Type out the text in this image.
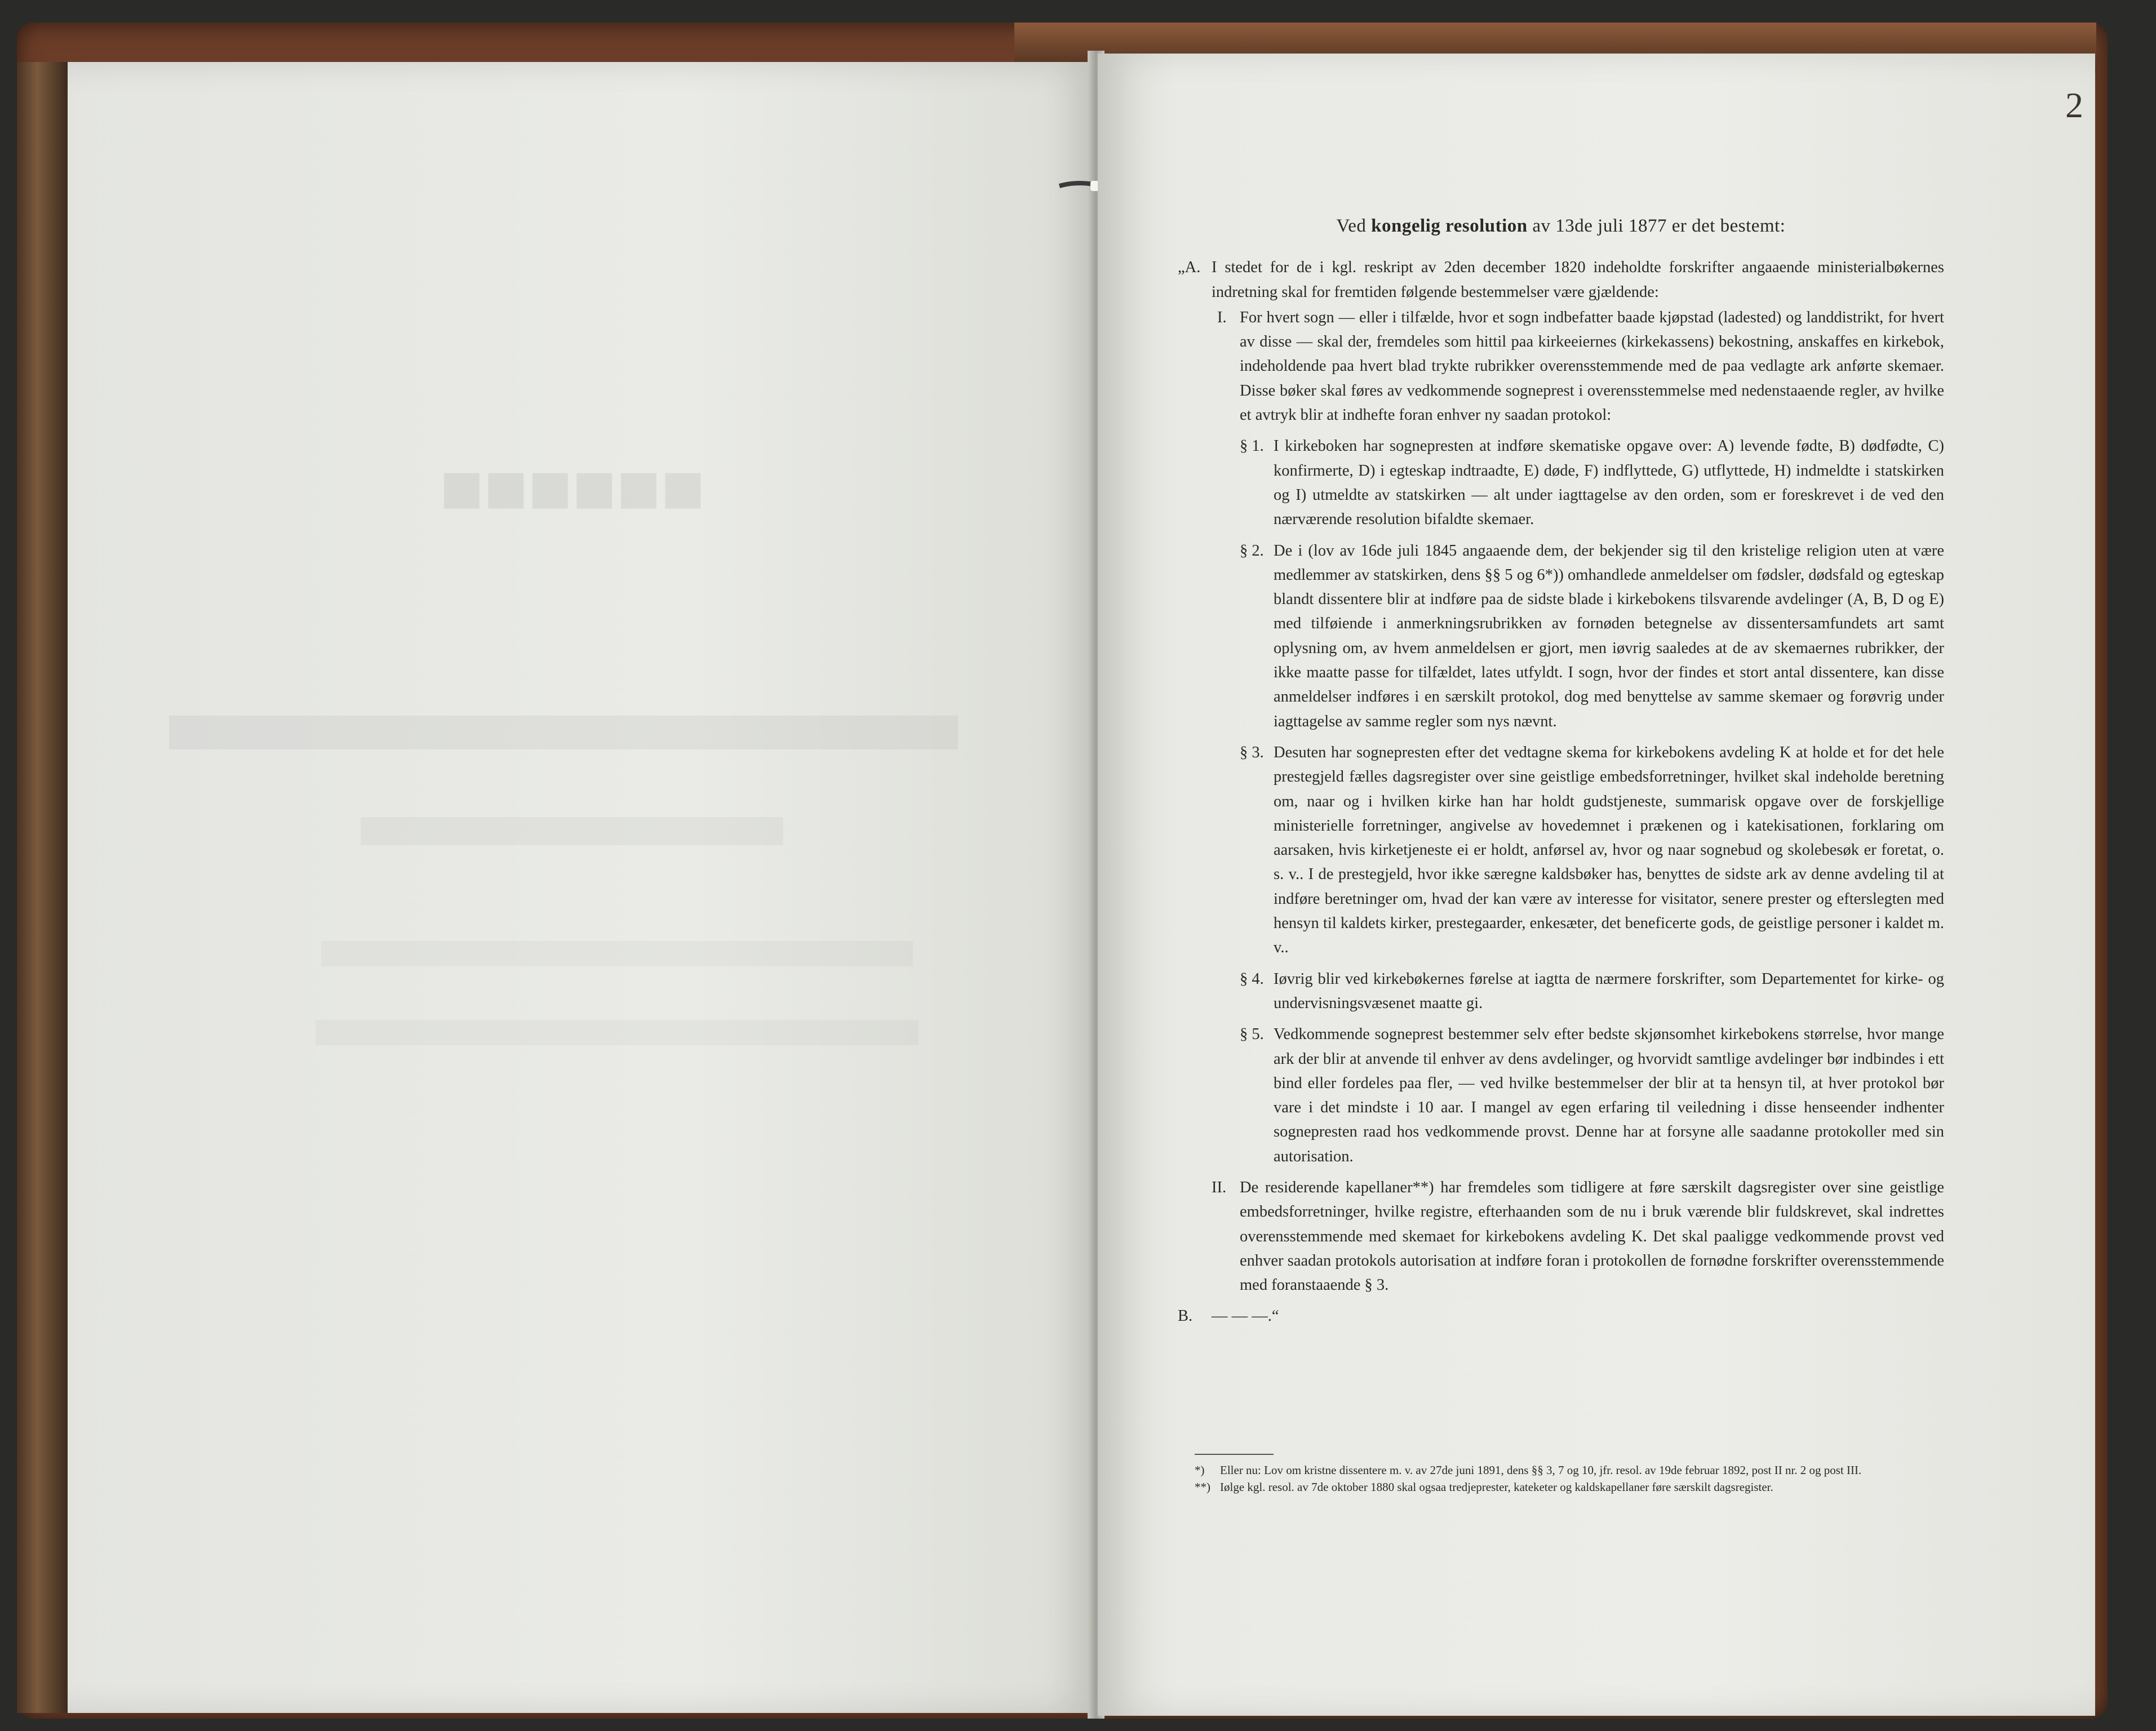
■■■■■■
2
Ved kongelig resolution av 13de juli 1877 er det bestemt:
„A. I stedet for de i kgl. reskript av 2den december 1820 indeholdte forskrifter angaaende ministerialbøkernes indretning skal for fremtiden følgende bestemmelser være gjældende:
I. For hvert sogn — eller i tilfælde, hvor et sogn indbefatter baade kjøpstad (ladested) og landdistrikt, for hvert av disse — skal der, fremdeles som hittil paa kirkeeiernes (kirkekassens) bekostning, anskaffes en kirkebok, indeholdende paa hvert blad trykte rubrikker overensstemmende med de paa vedlagte ark anførte skemaer. Disse bøker skal føres av vedkommende sogneprest i overensstemmelse med nedenstaaende regler, av hvilke et avtryk blir at indhefte foran enhver ny saadan protokol:
§ 1. I kirkeboken har sognepresten at indføre skematiske opgave over: A) levende fødte, B) dødfødte, C) konfirmerte, D) i egteskap indtraadte, E) døde, F) indflyttede, G) utflyttede, H) indmeldte i statskirken og I) utmeldte av statskirken — alt under iagttagelse av den orden, som er foreskrevet i de ved den nærværende resolution bifaldte skemaer.
§ 2. De i (lov av 16de juli 1845 angaaende dem, der bekjender sig til den kristelige religion uten at være medlemmer av statskirken, dens §§ 5 og 6*)) omhandlede anmeldelser om fødsler, dødsfald og egteskap blandt dissentere blir at indføre paa de sidste blade i kirkebokens tilsvarende avdelinger (A, B, D og E) med tilføiende i anmerkningsrubrikken av fornøden betegnelse av dissentersamfundets art samt oplysning om, av hvem anmeldelsen er gjort, men iøvrig saaledes at de av skemaernes rubrikker, der ikke maatte passe for tilfældet, lates utfyldt. I sogn, hvor der findes et stort antal dissentere, kan disse anmeldelser indføres i en særskilt protokol, dog med benyttelse av samme skemaer og forøvrig under iagttagelse av samme regler som nys nævnt.
§ 3. Desuten har sognepresten efter det vedtagne skema for kirkebokens avdeling K at holde et for det hele prestegjeld fælles dagsregister over sine geistlige embedsforretninger, hvilket skal indeholde beretning om, naar og i hvilken kirke han har holdt gudstjeneste, summarisk opgave over de forskjellige ministerielle forretninger, angivelse av hovedemnet i prækenen og i katekisationen, forklaring om aarsaken, hvis kirketjeneste ei er holdt, anførsel av, hvor og naar sognebud og skolebesøk er foretat, o. s. v.. I de prestegjeld, hvor ikke særegne kaldsbøker has, benyttes de sidste ark av denne avdeling til at indføre beretninger om, hvad der kan være av interesse for visitator, senere prester og efterslegten med hensyn til kaldets kirker, prestegaarder, enkesæter, det beneficerte gods, de geistlige personer i kaldet m. v..
§ 4. Iøvrig blir ved kirkebøkernes førelse at iagtta de nærmere forskrifter, som Departementet for kirke- og undervisningsvæsenet maatte gi.
§ 5. Vedkommende sogneprest bestemmer selv efter bedste skjønsomhet kirkebokens størrelse, hvor mange ark der blir at anvende til enhver av dens avdelinger, og hvorvidt samtlige avdelinger bør indbindes i ett bind eller fordeles paa fler, — ved hvilke bestemmelser der blir at ta hensyn til, at hver protokol bør vare i det mindste i 10 aar. I mangel av egen erfaring til veiledning i disse henseender indhenter sognepresten raad hos vedkommende provst. Denne har at forsyne alle saadanne protokoller med sin autorisation.
II. De residerende kapellaner**) har fremdeles som tidligere at føre særskilt dagsregister over sine geistlige embedsforretninger, hvilke registre, efterhaanden som de nu i bruk værende blir fuldskrevet, skal indrettes overensstemmende med skemaet for kirkebokens avdeling K. Det skal paaligge vedkommende provst ved enhver saadan protokols autorisation at indføre foran i protokollen de fornødne forskrifter overensstemmende med foranstaaende § 3.
B.	— — —.“
*)	Eller nu: Lov om kristne dissentere m. v. av 27de juni 1891, dens §§ 3, 7 og 10, jfr. resol. av 19de februar 1892, post II nr. 2 og post III.
**) Iølge kgl. resol. av 7de oktober 1880 skal ogsaa tredjeprester, kateketer og kaldskapellaner føre særskilt dagsregister.
